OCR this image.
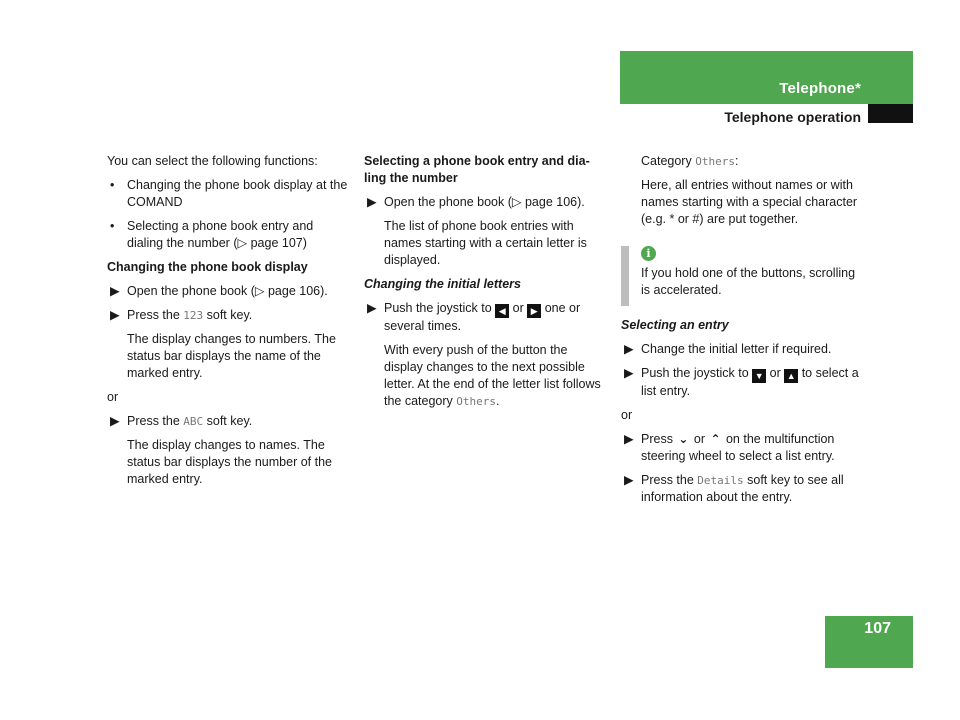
Telephone*
Telephone operation

You can select the following functions:

• Changing the phone book display at the COMAND
• Selecting a phone book entry and dialing the number (▷ page 107)

Changing the phone book display

▶ Open the phone book (▷ page 106).
▶ Press the 123 soft key.

The display changes to numbers. The status bar displays the name of the marked entry.

or

▶ Press the ABC soft key.

The display changes to names. The status bar displays the number of the marked entry.

Selecting a phone book entry and dia-ling the number

▶ Open the phone book (▷ page 106).

The list of phone book entries with names starting with a certain letter is displayed.

Changing the initial letters

▶ Push the joystick to ◀ or ▶ one or several times.

With every push of the button the display changes to the next possible letter. At the end of the letter list follows the category Others.

Category Others:

Here, all entries without names or with names starting with a special character (e.g. * or #) are put together.

i
If you hold one of the buttons, scrolling is accelerated.

Selecting an entry

▶ Change the initial letter if required.
▶ Push the joystick to ▼ or ▲ to select a list entry.

or

▶ Press ⌄ or ⌃ on the multifunction steering wheel to select a list entry.
▶ Press the Details soft key to see all information about the entry.
107
